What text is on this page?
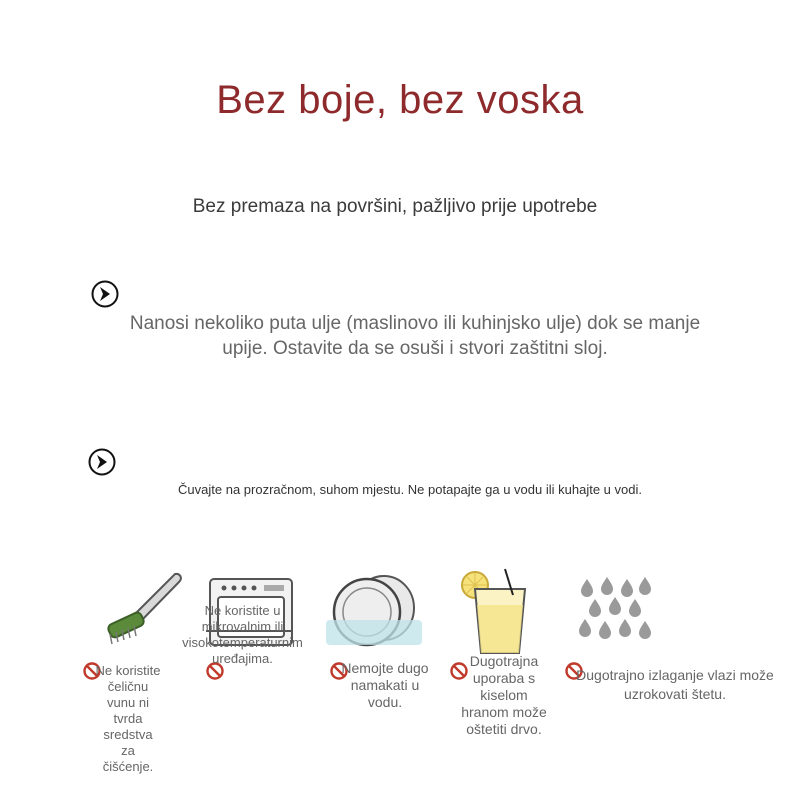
Bez boje, bez voska
Bez premaza na površini, pažljivo prije upotrebe
Nanosi nekoliko puta ulje (maslinovo ili kuhinjsko ulje) dok se manje upije. Ostavite da se osuši i stvori zaštitni sloj.
Čuvajte na prozračnom, suhom mjestu. Ne potapajte ga u vodu ili kuhajte u vodi.
Ne koristite čeličnu vunu ni tvrda sredstva za čišćenje.
Ne koristite u mikrovalnim ili visokotemperaturnim uređajima.
Nemojte dugo namakati u vodu.
Dugotrajna uporaba s kiselom hranom može oštetiti drvo.
Dugotrajno izlaganje vlazi može uzrokovati štetu.
